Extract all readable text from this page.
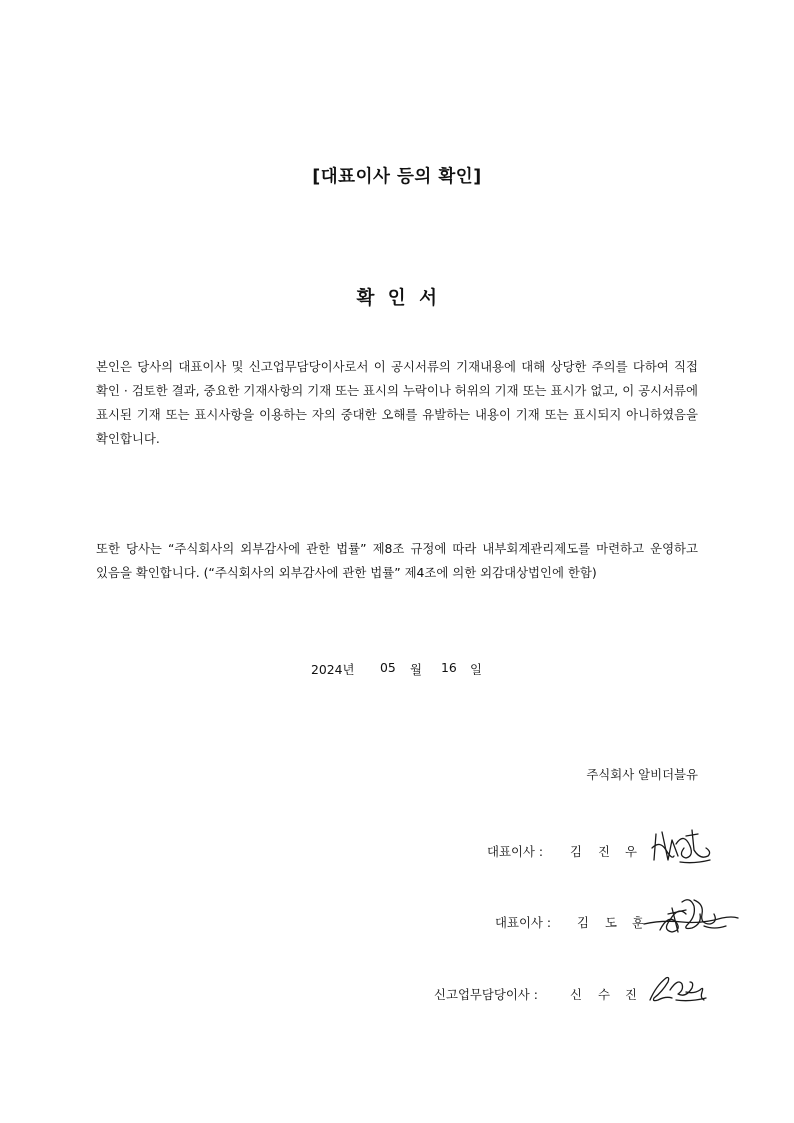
[대표이사 등의 확인]
확 인 서
본인은 당사의 대표이사 및 신고업무담당이사로서 이 공시서류의 기재내용에 대해 상당한 주의를 다하여 직접 확인 · 검토한 결과, 중요한 기재사항의 기재 또는 표시의 누락이나 허위의 기재 또는 표시가 없고, 이 공시서류에 표시된 기재 또는 표시사항을 이용하는 자의 중대한 오해를 유발하는 내용이 기재 또는 표시되지 아니하였음을 확인합니다.
또한 당사는 “주식회사의 외부감사에 관한 법률” 제8조 규정에 따라 내부회계관리제도를 마련하고 운영하고 있음을 확인합니다. (“주식회사의 외부감사에 관한 법률” 제4조에 의한 외감대상법인에 한함)
2024년 05 월 16 일
주식회사 알비더블유

대표이사 :

김

진

우

대표이사 :

김

도

훈

신고업무담당이사 :

	신

수

진
